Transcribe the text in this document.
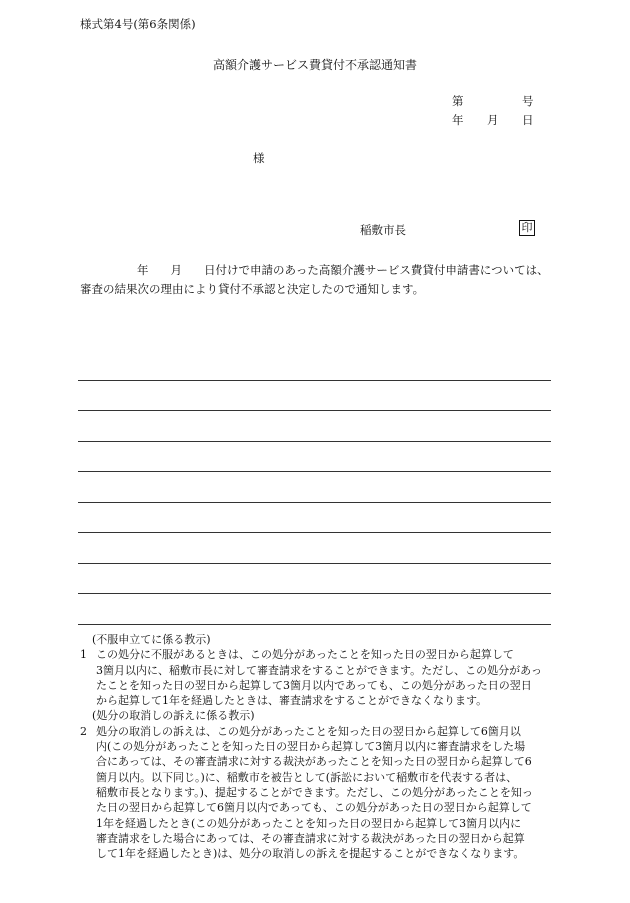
様式第4号(第6条関係)
高額介護サービス費貸付不承認通知書
第	号
年 月 日
様
稲敷市長	印
年 月 日付けで申請のあった高額介護サービス費貸付申請書については、
審査の結果次の理由により貸付不承認と決定したので通知します。
(不服申立てに係る教示)
1 この処分に不服があるときは、この処分があったことを知った日の翌日から起算して
3箇月以内に、稲敷市長に対して審査請求をすることができます。ただし、この処分があっ
たことを知った日の翌日から起算して3箇月以内であっても、この処分があった日の翌日
から起算して1年を経過したときは、審査請求をすることができなくなります。
(処分の取消しの訴えに係る教示)
2 処分の取消しの訴えは、この処分があったことを知った日の翌日から起算して6箇月以
内(この処分があったことを知った日の翌日から起算して3箇月以内に審査請求をした場
合にあっては、その審査請求に対する裁決があったことを知った日の翌日から起算して6
箇月以内。以下同じ。)に、稲敷市を被告として(訴訟において稲敷市を代表する者は、
稲敷市長となります。)、提起することができます。ただし、この処分があったことを知っ
た日の翌日から起算して6箇月以内であっても、この処分があった日の翌日から起算して
1年を経過したとき(この処分があったことを知った日の翌日から起算して3箇月以内に
審査請求をした場合にあっては、その審査請求に対する裁決があった日の翌日から起算
して1年を経過したとき)は、処分の取消しの訴えを提起することができなくなります。
